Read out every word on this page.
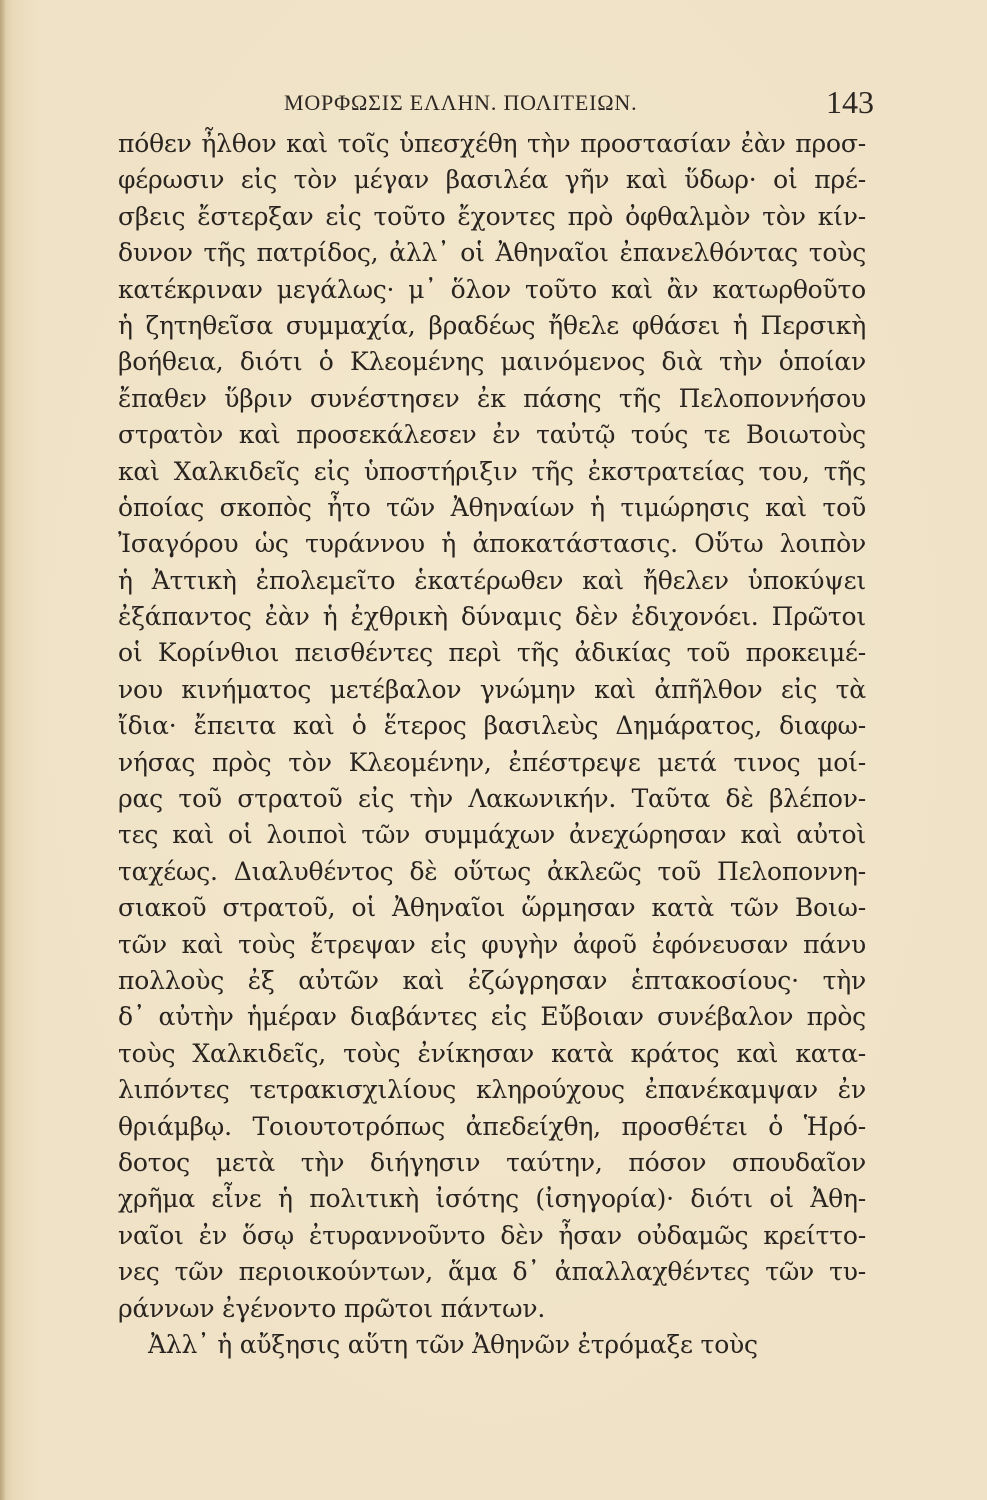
ΜΟΡΦΩΣΙΣ ΕΛΛΗΝ. ΠΟΛΙΤΕΙΩΝ.	143
πόθεν ἦλθον καὶ τοῖς ὑπεσχέθη τὴν προστασίαν ἐὰν προσ-
φέρωσιν εἰς τὸν μέγαν βασιλέα γῆν καὶ ὕδωρ· οἱ πρέ-
σβεις ἔστερξαν εἰς τοῦτο ἔχοντες πρὸ ὀφθαλμὸν τὸν κίν-
δυνον τῆς πατρίδος, ἀλλ᾽ οἱ Ἀθηναῖοι ἐπανελθόντας τοὺς
κατέκριναν μεγάλως· μ᾽ ὅλον τοῦτο καὶ ἂν κατωρθοῦτο
ἡ ζητηθεῖσα συμμαχία, βραδέως ἤθελε φθάσει ἡ Περσικὴ
βοήθεια, διότι ὁ Κλεομένης μαινόμενος διὰ τὴν ὁποίαν
ἔπαθεν ὕβριν συνέστησεν ἐκ πάσης τῆς Πελοποννήσου
στρατὸν καὶ προσεκάλεσεν ἐν ταὐτῷ τούς τε Βοιωτοὺς
καὶ Χαλκιδεῖς εἰς ὑποστήριξιν τῆς ἐκστρατείας του, τῆς
ὁποίας σκοπὸς ἦτο τῶν Ἀθηναίων ἡ τιμώρησις καὶ τοῦ
Ἰσαγόρου ὡς τυράννου ἡ ἀποκατάστασις. Οὕτω λοιπὸν
ἡ Ἀττικὴ ἐπολεμεῖτο ἑκατέρωθεν καὶ ἤθελεν ὑποκύψει
ἐξάπαντος ἐὰν ἡ ἐχθρικὴ δύναμις δὲν ἐδιχονόει. Πρῶτοι
οἱ Κορίνθιοι πεισθέντες περὶ τῆς ἀδικίας τοῦ προκειμέ-
νου κινήματος μετέβαλον γνώμην καὶ ἀπῆλθον εἰς τὰ
ἴδια· ἔπειτα καὶ ὁ ἕτερος βασιλεὺς Δημάρατος, διαφω-
νήσας πρὸς τὸν Κλεομένην, ἐπέστρεψε μετά τινος μοί-
ρας τοῦ στρατοῦ εἰς τὴν Λακωνικήν. Ταῦτα δὲ βλέπον-
τες καὶ οἱ λοιποὶ τῶν συμμάχων ἀνεχώρησαν καὶ αὐτοὶ
ταχέως. Διαλυθέντος δὲ οὕτως ἀκλεῶς τοῦ Πελοποννη-
σιακοῦ στρατοῦ, οἱ Ἀθηναῖοι ὥρμησαν κατὰ τῶν Βοιω-
τῶν καὶ τοὺς ἔτρεψαν εἰς φυγὴν ἀφοῦ ἐφόνευσαν πάνυ
πολλοὺς ἐξ αὐτῶν καὶ ἐζώγρησαν ἑπτακοσίους· τὴν
δ᾽ αὐτὴν ἡμέραν διαβάντες εἰς Εὔβοιαν συνέβαλον πρὸς
τοὺς Χαλκιδεῖς, τοὺς ἐνίκησαν κατὰ κράτος καὶ κατα-
λιπόντες τετρακισχιλίους κληρούχους ἐπανέκαμψαν ἐν
θριάμβῳ. Τοιουτοτρόπως ἀπεδείχθη, προσθέτει ὁ Ἡρό-
δοτος μετὰ τὴν διήγησιν ταύτην, πόσον σπουδαῖον
χρῆμα εἶνε ἡ πολιτικὴ ἰσότης (ἰσηγορία)· διότι οἱ Ἀθη-
ναῖοι ἐν ὅσῳ ἐτυραννοῦντο δὲν ἦσαν οὐδαμῶς κρείττο-
νες τῶν περιοικούντων, ἅμα δ᾽ ἀπαλλαχθέντες τῶν τυ-
ράννων ἐγένοντο πρῶτοι πάντων.
Ἀλλ᾽ ἡ αὔξησις αὕτη τῶν Ἀθηνῶν ἐτρόμαξε τοὺς
